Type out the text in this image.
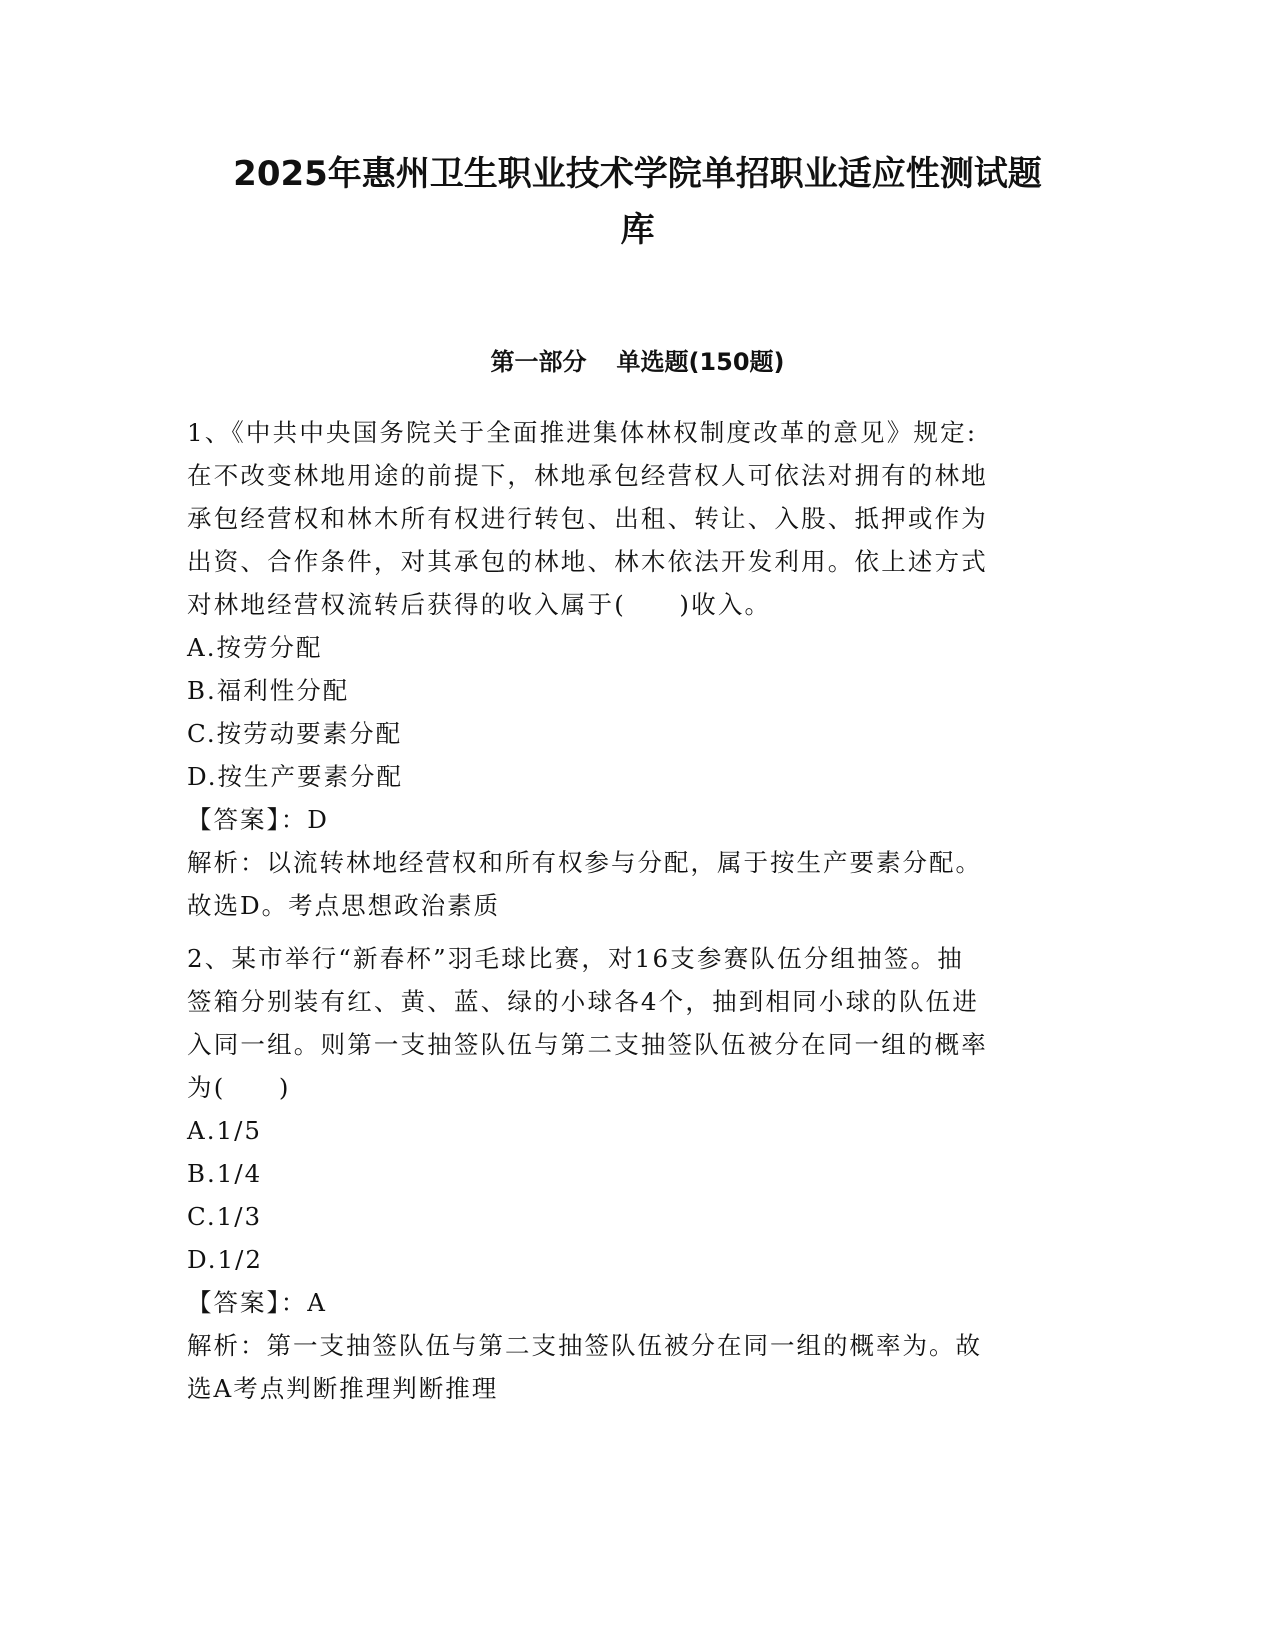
2025年惠州卫生职业技术学院单招职业适应性测试题
库
第一部分 单选题(150题)
1、《中共中央国务院关于全面推进集体林权制度改革的意见》规定:
在不改变林地用途的前提下，林地承包经营权人可依法对拥有的林地
承包经营权和林木所有权进行转包、出租、转让、入股、抵押或作为
出资、合作条件，对其承包的林地、林木依法开发利用。依上述方式
对林地经营权流转后获得的收入属于(　　)收入。
A.按劳分配
B.福利性分配
C.按劳动要素分配
D.按生产要素分配
【答案】：D
解析：以流转林地经营权和所有权参与分配，属于按生产要素分配。
故选D。考点思想政治素质
2、某市举行“新春杯”羽毛球比赛，对16支参赛队伍分组抽签。抽
签箱分别装有红、黄、蓝、绿的小球各4个，抽到相同小球的队伍进
入同一组。则第一支抽签队伍与第二支抽签队伍被分在同一组的概率
为(　　)
A.1/5
B.1/4
C.1/3
D.1/2
【答案】：A
解析：第一支抽签队伍与第二支抽签队伍被分在同一组的概率为。故
选A考点判断推理判断推理
